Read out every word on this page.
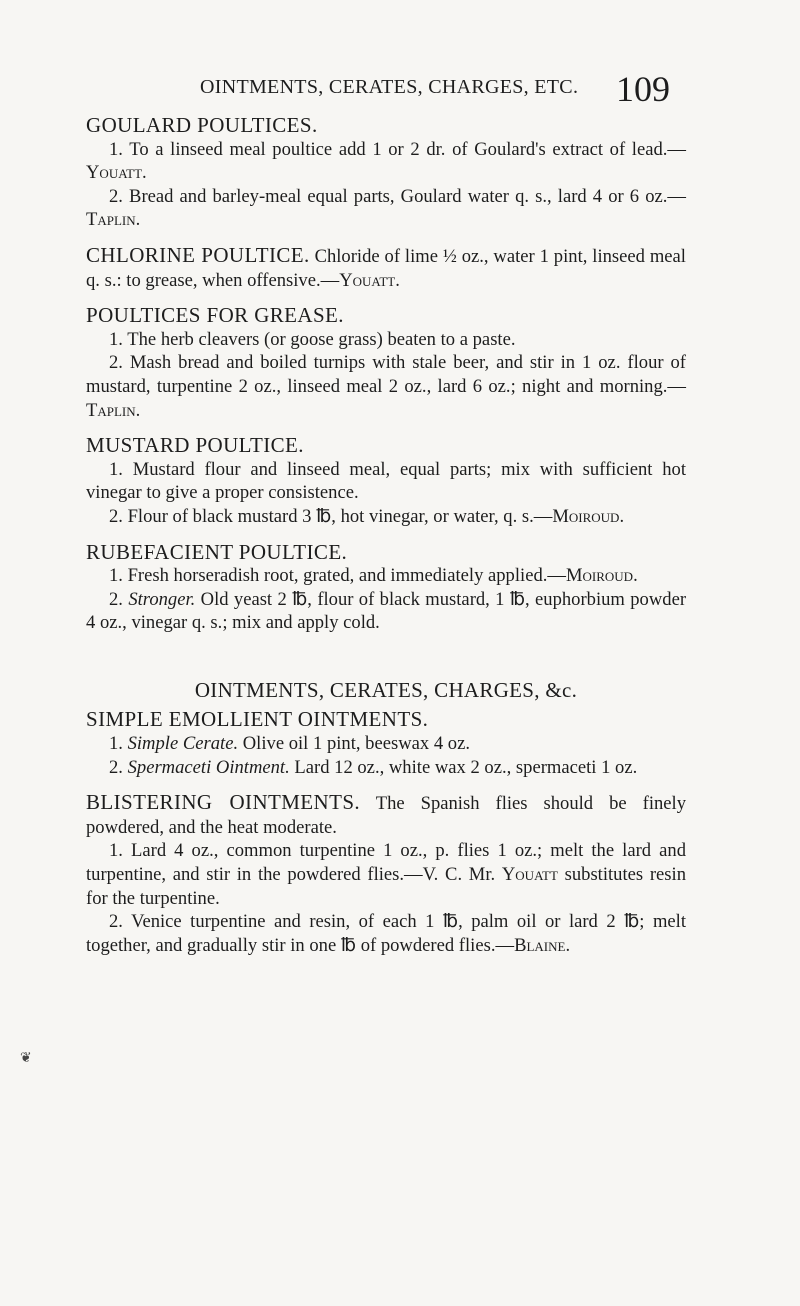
OINTMENTS, CERATES, CHARGES, ETC. 109

GOULARD POULTICES.

1. To a linseed meal poultice add 1 or 2 dr. of Goulard's extract of lead.—Youatt.

2. Bread and barley-meal equal parts, Goulard water q. s., lard 4 or 6 oz.—Taplin.

CHLORINE POULTICE. Chloride of lime ½ oz., water 1 pint, linseed meal q. s.: to grease, when offensive.—Youatt.

POULTICES FOR GREASE.

1. The herb cleavers (or goose grass) beaten to a paste.

2. Mash bread and boiled turnips with stale beer, and stir in 1 oz. flour of mustard, turpentine 2 oz., linseed meal 2 oz., lard 6 oz.; night and morning.—Taplin.

MUSTARD POULTICE.

1. Mustard flour and linseed meal, equal parts; mix with sufficient hot vinegar to give a proper consistence.

2. Flour of black mustard 3 ℔, hot vinegar, or water, q. s.—Moiroud.

RUBEFACIENT POULTICE.

1. Fresh horseradish root, grated, and immediately applied.—Moiroud.

2. Stronger. Old yeast 2 ℔, flour of black mustard, 1 ℔, euphorbium powder 4 oz., vinegar q. s.; mix and apply cold.

OINTMENTS, CERATES, CHARGES, &c.

SIMPLE EMOLLIENT OINTMENTS.

1. Simple Cerate. Olive oil 1 pint, beeswax 4 oz.

2. Spermaceti Ointment. Lard 12 oz., white wax 2 oz., spermaceti 1 oz.

BLISTERING OINTMENTS. The Spanish flies should be finely powdered, and the heat moderate.

1. Lard 4 oz., common turpentine 1 oz., p. flies 1 oz.; melt the lard and turpentine, and stir in the powdered flies.—V. C. Mr. Youatt substitutes resin for the turpentine.

2. Venice turpentine and resin, of each 1 ℔, palm oil or lard 2 ℔; melt together, and gradually stir in one ℔ of powdered flies.—Blaine.

❦
